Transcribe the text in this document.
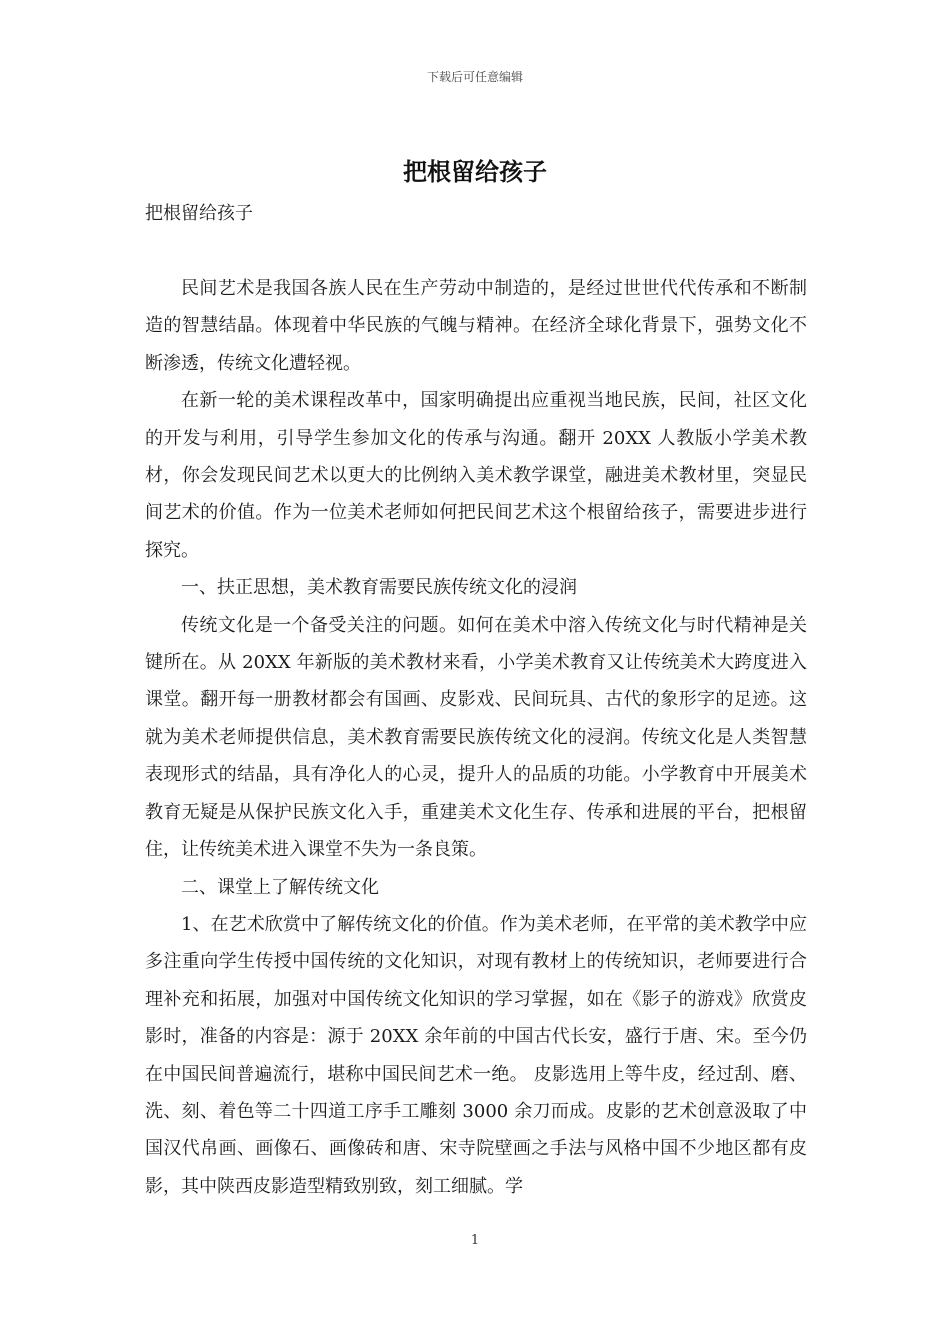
下载后可任意编辑
把根留给孩子
把根留给孩子

民间艺术是我国各族人民在生产劳动中制造的，是经过世世代代传承和不断制造的智慧结晶。体现着中华民族的气魄与精神。在经济全球化背景下，强势文化不断渗透，传统文化遭轻视。

在新一轮的美术课程改革中，国家明确提出应重视当地民族，民间，社区文化的开发与利用，引导学生参加文化的传承与沟通。翻开 20XX 人教版小学美术教材，你会发现民间艺术以更大的比例纳入美术教学课堂，融进美术教材里，突显民间艺术的价值。作为一位美术老师如何把民间艺术这个根留给孩子，需要进步进行探究。

一、扶正思想，美术教育需要民族传统文化的浸润

传统文化是一个备受关注的问题。如何在美术中溶入传统文化与时代精神是关键所在。从 20XX 年新版的美术教材来看，小学美术教育又让传统美术大跨度进入课堂。翻开每一册教材都会有国画、皮影戏、民间玩具、古代的象形字的足迹。这就为美术老师提供信息，美术教育需要民族传统文化的浸润。传统文化是人类智慧表现形式的结晶，具有净化人的心灵，提升人的品质的功能。小学教育中开展美术教育无疑是从保护民族文化入手，重建美术文化生存、传承和进展的平台，把根留住，让传统美术进入课堂不失为一条良策。

二、课堂上了解传统文化

1、在艺术欣赏中了解传统文化的价值。作为美术老师，在平常的美术教学中应多注重向学生传授中国传统的文化知识，对现有教材上的传统知识，老师要进行合理补充和拓展，加强对中国传统文化知识的学习掌握，如在《影子的游戏》欣赏皮影时，准备的内容是：源于 20XX 余年前的中国古代长安，盛行于唐、宋。至今仍在中国民间普遍流行，堪称中国民间艺术一绝。 皮影选用上等牛皮，经过刮、磨、洗、刻、着色等二十四道工序手工雕刻 3000 余刀而成。皮影的艺术创意汲取了中国汉代帛画、画像石、画像砖和唐、宋寺院壁画之手法与风格中国不少地区都有皮影，其中陕西皮影造型精致别致，刻工细腻。学

1
